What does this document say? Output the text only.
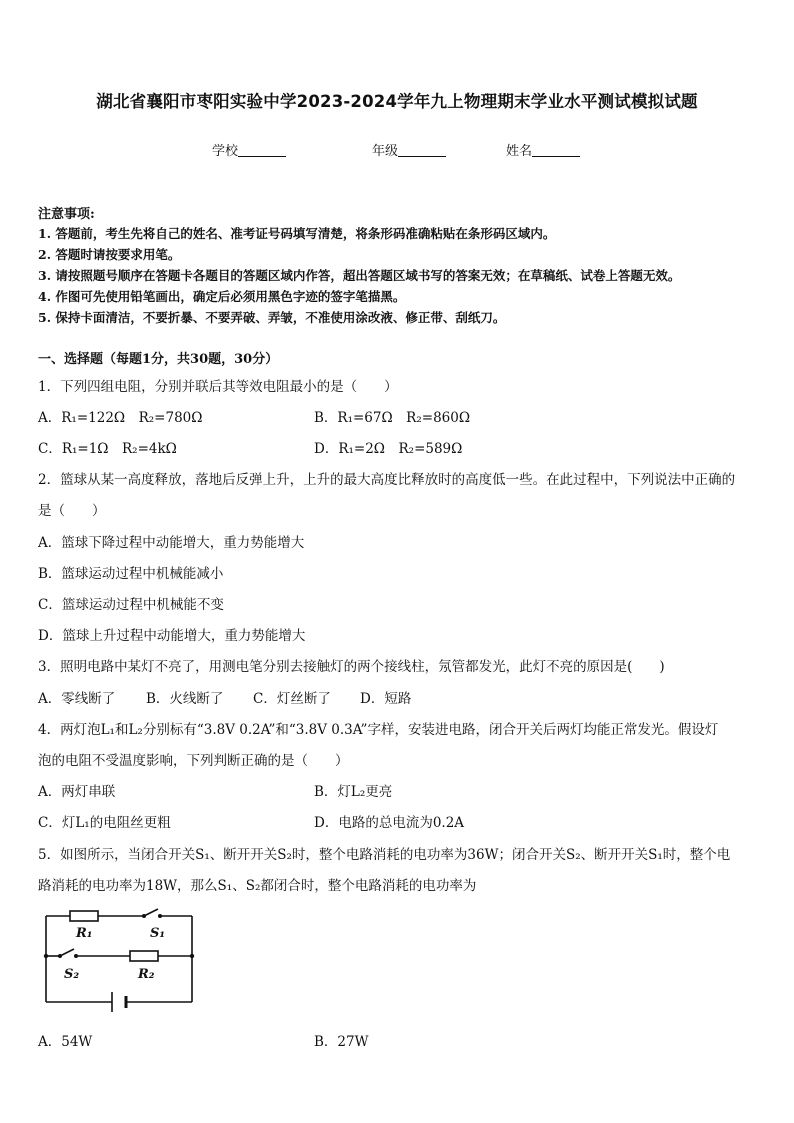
湖北省襄阳市枣阳实验中学2023-2024学年九上物理期末学业水平测试模拟试题
学校	年级	姓名
注意事项:
1. 答题前，考生先将自己的姓名、准考证号码填写清楚，将条形码准确粘贴在条形码区域内。
2. 答题时请按要求用笔。
3. 请按照题号顺序在答题卡各题目的答题区域内作答，超出答题区域书写的答案无效；在草稿纸、试卷上答题无效。
4. 作图可先使用铅笔画出，确定后必须用黑色字迹的签字笔描黑。
5. 保持卡面清洁，不要折暴、不要弄破、弄皱，不准使用涂改液、修正带、刮纸刀。
一、选择题（每题1分，共30题，30分）
1．下列四组电阻，分别并联后其等效电阻最小的是（　　）
A．R₁=122Ω　R₂=780Ω	B．R₁=67Ω　R₂=860Ω
C．R₁=1Ω　R₂=4kΩ	D．R₁=2Ω　R₂=589Ω
2．篮球从某一高度释放，落地后反弹上升，上升的最大高度比释放时的高度低一些。在此过程中，下列说法中正确的
是（　　）
A．篮球下降过程中动能增大，重力势能增大
B．篮球运动过程中机械能减小
C．篮球运动过程中机械能不变
D．篮球上升过程中动能增大，重力势能增大
3．照明电路中某灯不亮了，用测电笔分别去接触灯的两个接线柱，氖管都发光，此灯不亮的原因是(　　)
A．零线断了 B．火线断了 C．灯丝断了 D．短路
4．两灯泡L₁和L₂分别标有“3.8V 0.2A”和“3.8V 0.3A”字样，安装进电路，闭合开关后两灯均能正常发光。假设灯
泡的电阻不受温度影响，下列判断正确的是（　　）
A．两灯串联	B．灯L₂更亮
C．灯L₁的电阻丝更粗	D．电路的总电流为0.2A
5．如图所示，当闭合开关S₁、断开开关S₂时，整个电路消耗的电功率为36W；闭合开关S₂、断开开关S₁时，整个电
路消耗的电功率为18W，那么S₁、S₂都闭合时，整个电路消耗的电功率为
R₁	S₁
S₂	R₂
A．54W	B．27W
